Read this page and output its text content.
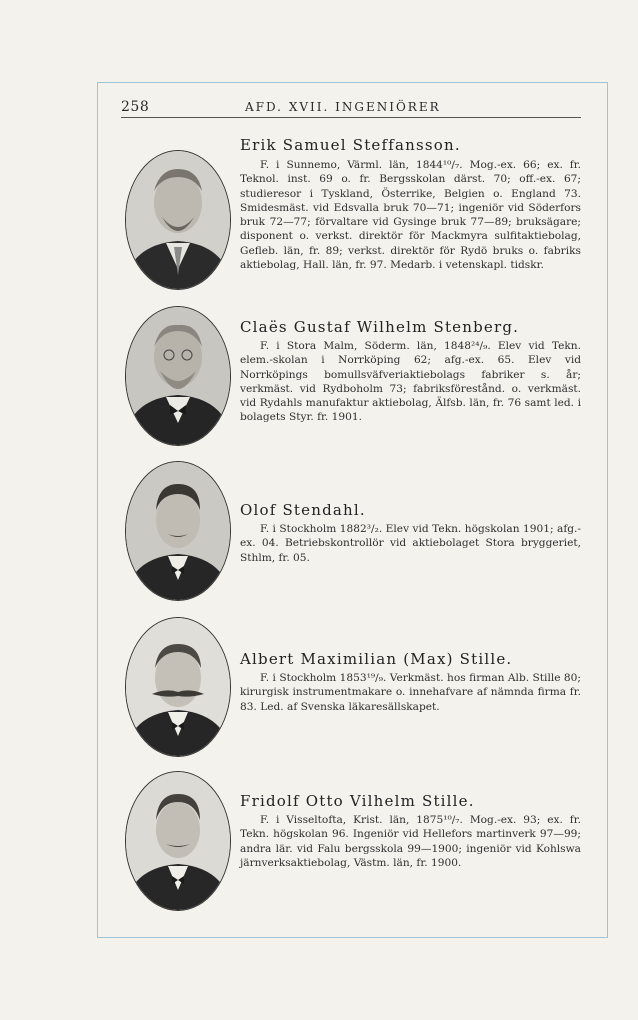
258	AFD. XVII. INGENIÖRER
Erik Samuel Steffansson.

F. i Sunnemo, Värml. län, 1844¹⁰/₇. Mog.-ex. 66; ex. fr. Teknol. inst. 69 o. fr. Bergsskolan därst. 70; off.-ex. 67; studieresor i Tyskland, Österrike, Belgien o. England 73. Smidesmäst. vid Edsvalla bruk 70—71; ingeniör vid Söderfors bruk 72—77; förvaltare vid Gysinge bruk 77—89; bruksägare; disponent o. verkst. direktör för Mackmyra sulfitaktiebolag, Gefleb. län, fr. 89; verkst. direktör för Rydö bruks o. fabriks aktiebolag, Hall. län, fr. 97. Medarb. i vetenskapl. tidskr.

Claës Gustaf Wilhelm Stenberg.

F. i Stora Malm, Söderm. län, 1848²⁴/₉. Elev vid Tekn. elem.-skolan i Norrköping 62; afg.-ex. 65. Elev vid Norrköpings bomullsväfveriaktiebolags fabriker s. år; verkmäst. vid Rydboholm 73; fabriksförestånd. o. verkmäst. vid Rydahls manufaktur aktiebolag, Älfsb. län, fr. 76 samt led. i bolagets Styr. fr. 1901.

Olof Stendahl.

F. i Stockholm 1882³/₂. Elev vid Tekn. högskolan 1901; afg.-ex. 04. Betriebskontrollör vid aktiebolaget Stora bryggeriet, Sthlm, fr. 05.

Albert Maximilian (Max) Stille.

F. i Stockholm 1853¹⁹/₉. Verkmäst. hos firman Alb. Stille 80; kirurgisk instrumentmakare o. innehafvare af nämnda firma fr. 83. Led. af Svenska läkaresällskapet.

Fridolf Otto Vilhelm Stille.

F. i Visseltofta, Krist. län, 1875¹⁰/₇. Mog.-ex. 93; ex. fr. Tekn. högskolan 96. Ingeniör vid Hellefors martinverk 97—99; andra lär. vid Falu bergsskola 99—1900; ingeniör vid Kohlswa järnverksaktiebolag, Västm. län, fr. 1900.
